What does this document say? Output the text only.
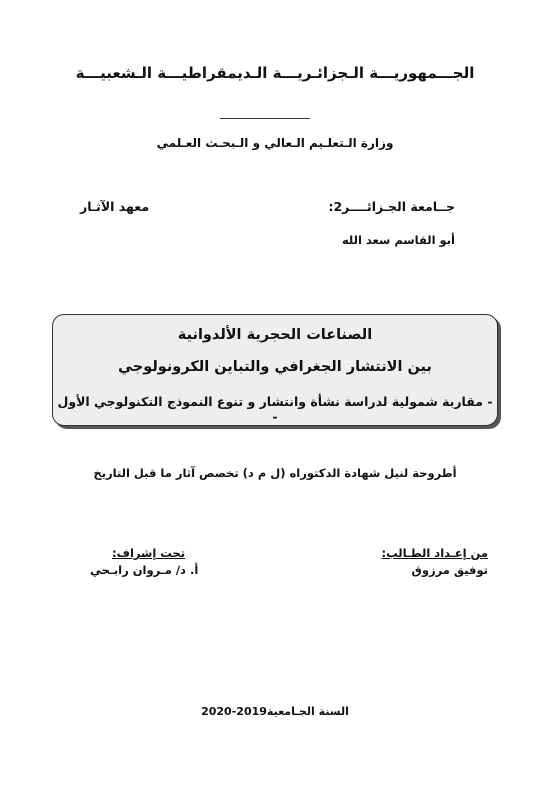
الجـــمهوريـــة الـجزائـريـــة الـديمقراطيـــة الـشعبيـــة
وزارة الـتعلـيم الـعالي و الـبحـث العـلمي
جــامعة الجـزائــــر2:
معهد الآثـار
أبو القاسم سعد الله
الصناعات الحجرية الألدوانية
بين الانتشار الجغرافي والتباين الكرونولوجي
- مقاربة شمولية لدراسة نشأة وانتشار و تنوع النموذج التكنولوجي الأول -
أطروحة لنيل شهادة الدكتوراه (ل م د) تخصص آثار ما قبل التاريخ
من إعـداد الطـالب:
توفيق مرزوق
تحت إشراف:
أ. د/ مـروان رابـحي
السنة الجـامعية2019-2020
